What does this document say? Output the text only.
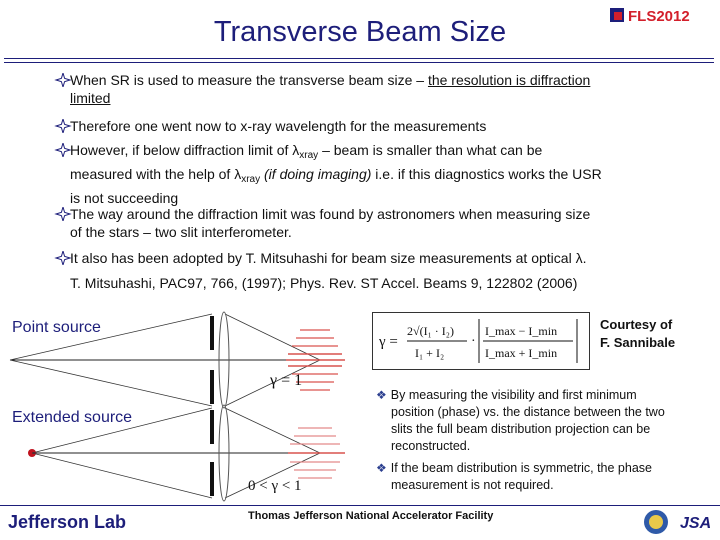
Transverse Beam Size	FLS2012
When SR is used to measure the transverse beam size – the resolution is diffraction
limited
Therefore one went now to x-ray wavelength for the measurements
However, if below diffraction limit of $\lambda_{xray}$ – beam is smaller than what can be
measured with the help of $\lambda_{xray}$ (if doing imaging) i.e. if this diagnostics works the USR
is not succeeding
The way around the diffraction limit was found by astronomers when measuring size
of the stars – two slit interferometer.
It also has been adopted by T. Mitsuhashi for beam size measurements at optical λ.
T. Mitsuhashi, PAC97, 766, (1997); Phys. Rev. ST Accel. Beams 9, 122802 (2006)
Point source
Extended source
γ = 1
0 < γ < 1
γ =
2√(I₁ · I₂)
I₁ + I₂
·
I_max − I_min
I_max + I_min
Courtesy of
F. Sannibale
❖ By measuring the visibility and first minimum
position (phase) vs. the distance between the two
slits the full beam distribution projection can be
reconstructed.
❖ If the beam distribution is symmetric, the phase
measurement is not required.
Jefferson Lab	Thomas Jefferson National Accelerator Facility	JSA
